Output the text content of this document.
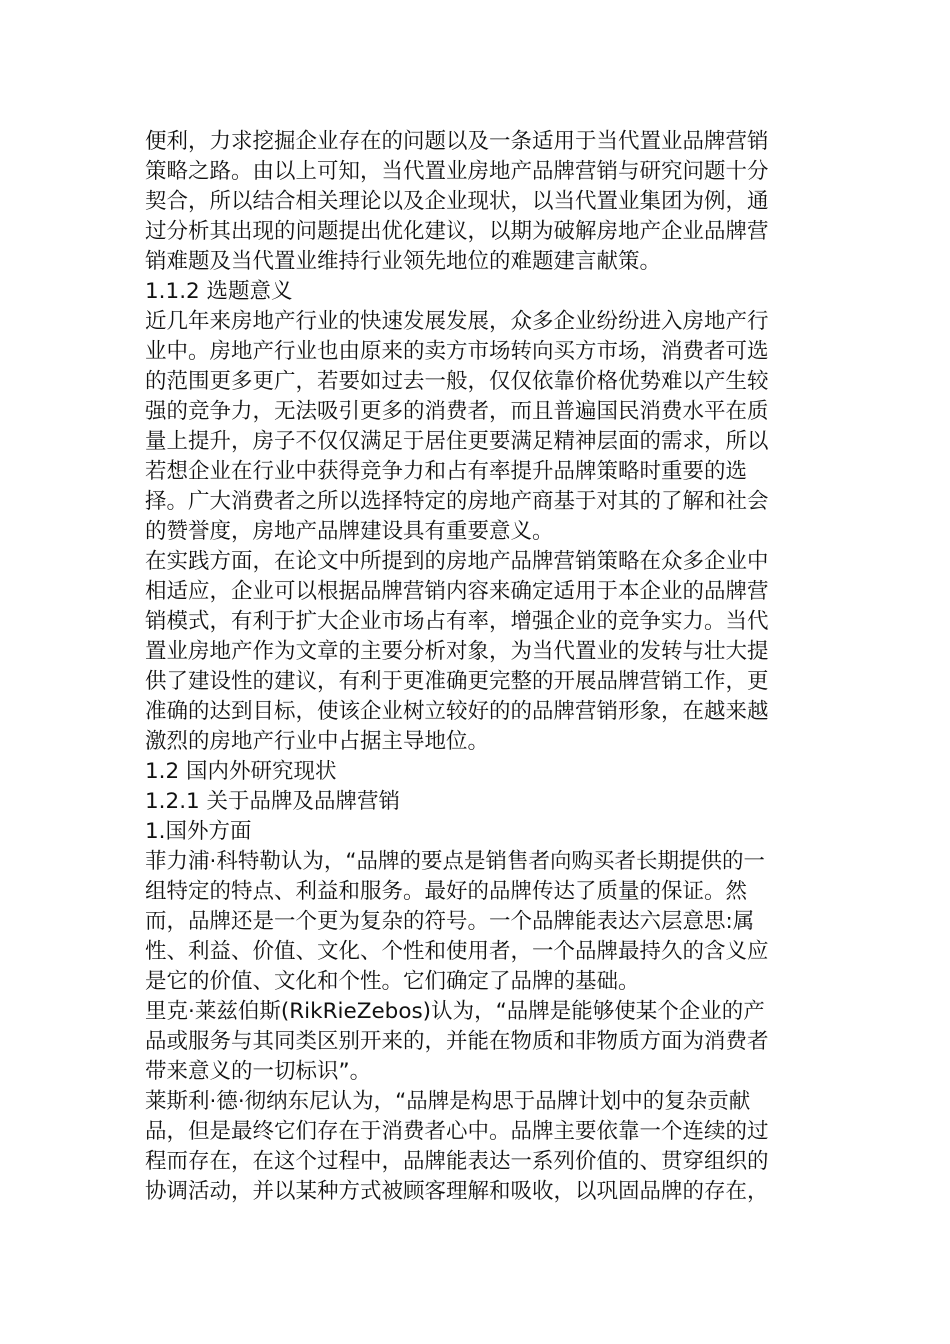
便利，力求挖掘企业存在的问题以及一条适用于当代置业品牌营销
策略之路。由以上可知，当代置业房地产品牌营销与研究问题十分
契合，所以结合相关理论以及企业现状，以当代置业集团为例，通
过分析其出现的问题提出优化建议，以期为破解房地产企业品牌营
销难题及当代置业维持行业领先地位的难题建言献策。
1.1.2 选题意义
近几年来房地产行业的快速发展发展，众多企业纷纷进入房地产行
业中。房地产行业也由原来的卖方市场转向买方市场，消费者可选
的范围更多更广，若要如过去一般，仅仅依靠价格优势难以产生较
强的竞争力，无法吸引更多的消费者，而且普遍国民消费水平在质
量上提升，房子不仅仅满足于居住更要满足精神层面的需求，所以
若想企业在行业中获得竞争力和占有率提升品牌策略时重要的选
择。广大消费者之所以选择特定的房地产商基于对其的了解和社会
的赞誉度，房地产品牌建设具有重要意义。
在实践方面，在论文中所提到的房地产品牌营销策略在众多企业中
相适应，企业可以根据品牌营销内容来确定适用于本企业的品牌营
销模式，有利于扩大企业市场占有率，增强企业的竞争实力。当代
置业房地产作为文章的主要分析对象，为当代置业的发转与壮大提
供了建设性的建议，有利于更准确更完整的开展品牌营销工作，更
准确的达到目标，使该企业树立较好的的品牌营销形象，在越来越
激烈的房地产行业中占据主导地位。
1.2 国内外研究现状
1.2.1 关于品牌及品牌营销
1.国外方面
菲力浦·科特勒认为，“品牌的要点是销售者向购买者长期提供的一
组特定的特点、利益和服务。最好的品牌传达了质量的保证。然
而，品牌还是一个更为复杂的符号。一个品牌能表达六层意思:属
性、利益、价值、文化、个性和使用者，一个品牌最持久的含义应
是它的价值、文化和个性。它们确定了品牌的基础。
里克·莱兹伯斯(RikRieZebos)认为，“品牌是能够使某个企业的产
品或服务与其同类区别开来的，并能在物质和非物质方面为消费者
带来意义的一切标识”。
莱斯利·德·彻纳东尼认为，“品牌是构思于品牌计划中的复杂贡献
品，但是最终它们存在于消费者心中。品牌主要依靠一个连续的过
程而存在，在这个过程中，品牌能表达一系列价值的、贯穿组织的
协调活动，并以某种方式被顾客理解和吸收，以巩固品牌的存在，
